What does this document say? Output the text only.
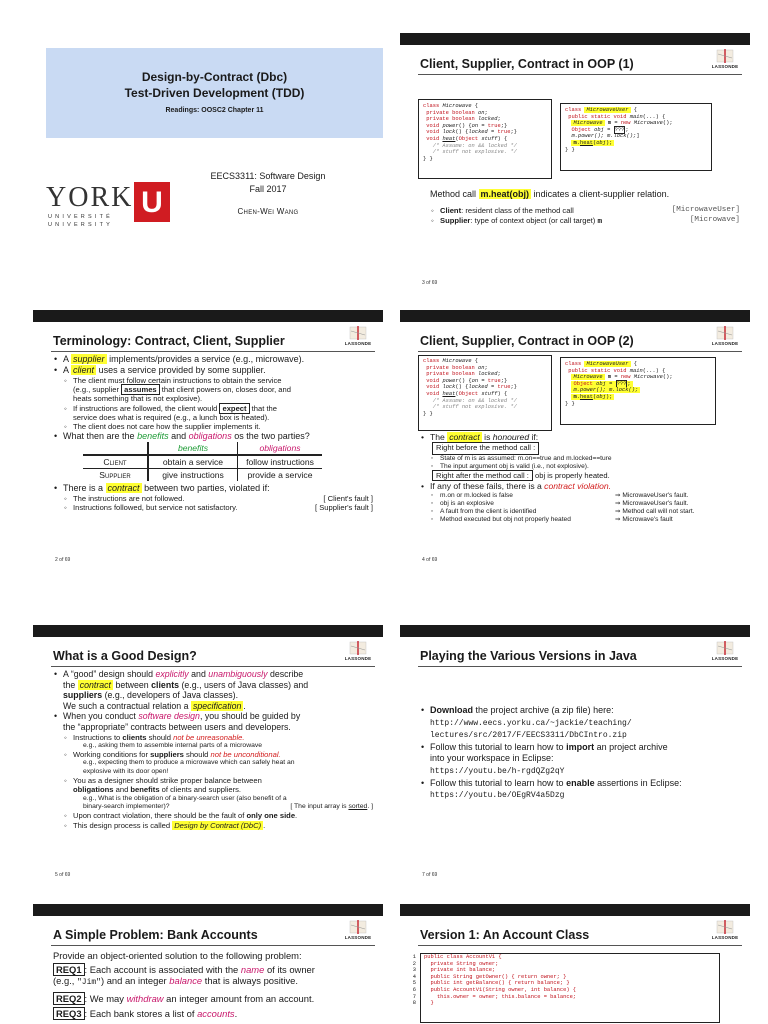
Design-by-Contract (Dbc)
Test-Driven Development (TDD)
Readings: OOSC2 Chapter 11
YORK
UNIVERSITÉ
UNIVERSITY
U
EECS3311: Software Design
Fall 2017
Chen-Wei Wang
Client, Supplier, Contract in OOP (1)	LASSONDE
class Microwave {
private boolean on;
private boolean locked;
void power() {on = true;}
void lock() {locked = true;}
void heat(Object stuff) {
/* Assume: on && locked */
/* stuff not explosive. */
} }
class MicrowaveUser {
public static void main(...) {
Microwave m = new Microwave();
Object obj = ???;
m.power(); m.lock();]
m.heat(obj);
} }
Method call m.heat(obj) indicates a client-supplier relation.
◦ Client: resident class of the method call	[MicrowaveUser]
◦ Supplier: type of context object (or call target) m	[Microwave]
3 of 69
Terminology: Contract, Client, Supplier	LASSONDE

• A supplier implements/provides a service (e.g., microwave).

• A client uses a service provided by some supplier.

◦ The client must follow certain instructions to obtain the service
(e.g., supplier assumes that client powers on, closes door, and
heats something that is not explosive).

◦ If instructions are followed, the client would expect that the
service does what is required (e.g., a lunch box is heated).

◦ The client does not care how the supplier implements it.

• What then are the benefits and obligations os the two parties?

	benefits	obligations
Client	obtain a service	follow instructions
Supplier	give instructions	provide a service

• There is a contract between two parties, violated if:

◦ The instructions are not followed.	[ Client's fault ]

◦ Instructions followed, but service not satisfactory.	[ Supplier's fault ]

2 of 69
Client, Supplier, Contract in OOP (2)	LASSONDE
class Microwave {
private boolean on;
private boolean locked;
void power() {on = true;}
void lock() {locked = true;}
void heat(Object stuff) {
/* Assume: on && locked */
/* stuff not explosive. */
} }
class MicrowaveUser {
public static void main(...) {
Microwave m = new Microwave();
Object obj = ???;
m.power(); m.lock();
m.heat(obj);
} }

• The contract is honoured if:

Right before the method call :

◦ State of m is as assumed: m.on==true and m.locked==ture

◦ The input argument obj is valid (i.e., not explosive).

Right after the method call : obj is properly heated.

• If any of these fails, there is a contract violation.

◦ m.on or m.locked is false	⇒ MicrowaveUser's fault.

◦ obj is an explosive	⇒ MicrowaveUser's fault.

◦ A fault from the client is identified	⇒ Method call will not start.

◦ Method executed but obj not properly heated	⇒ Microwave's fault

4 of 69
What is a Good Design?	LASSONDE

• A “good” design should explicitly and unambiguously describe
the contract between clients (e.g., users of Java classes) and
suppliers (e.g., developers of Java classes).
We such a contractual relation a specification .

• When you conduct software design, you should be guided by
the “appropriate” contracts between users and developers.

◦ Instructions to clients should not be unreasonable.

e.g., asking them to assemble internal parts of a microwave

◦ Working conditions for suppliers should not be unconditional.

e.g., expecting them to produce a microwave which can safely heat an
explosive with its door open!

◦ You as a designer should strike proper balance between
obligations and benefits of clients and suppliers.

e.g., What is the obligation of a binary-search user (also benefit of a
binary-search implementer)?	[ The input array is sorted. ]

◦ Upon contract violation, there should be the fault of only one side.

◦ This design process is called Design by Contract (DbC) .

5 of 69
Playing the Various Versions in Java	LASSONDE

• Download the project archive (a zip file) here:
http://www.eecs.yorku.ca/~jackie/teaching/
lectures/src/2017/F/EECS3311/DbCIntro.zip

• Follow this tutorial to learn how to import an project archive
into your workspace in Eclipse:
https://youtu.be/h-rgdQZg2qY

• Follow this tutorial to learn how to enable assertions in Eclipse:
https://youtu.be/OEgRV4a5Dzg

7 of 69
A Simple Problem: Bank Accounts	LASSONDE
Provide an object-oriented solution to the following problem:
REQ1 : Each account is associated with the name of its owner
(e.g., "Jim") and an integer balance that is always positive.
REQ2 : We may withdraw an integer amount from an account.
REQ3 : Each bank stores a list of accounts.
Version 1: An Account Class	LASSONDE
1
2
3
4
5
6
7
8
public class AccountV1 {
private String owner;
private int balance;
public String getOwner() { return owner; }
public int getBalance() { return balance; }
public AccountV1(String owner, int balance) {
this.owner = owner; this.balance = balance;
}
